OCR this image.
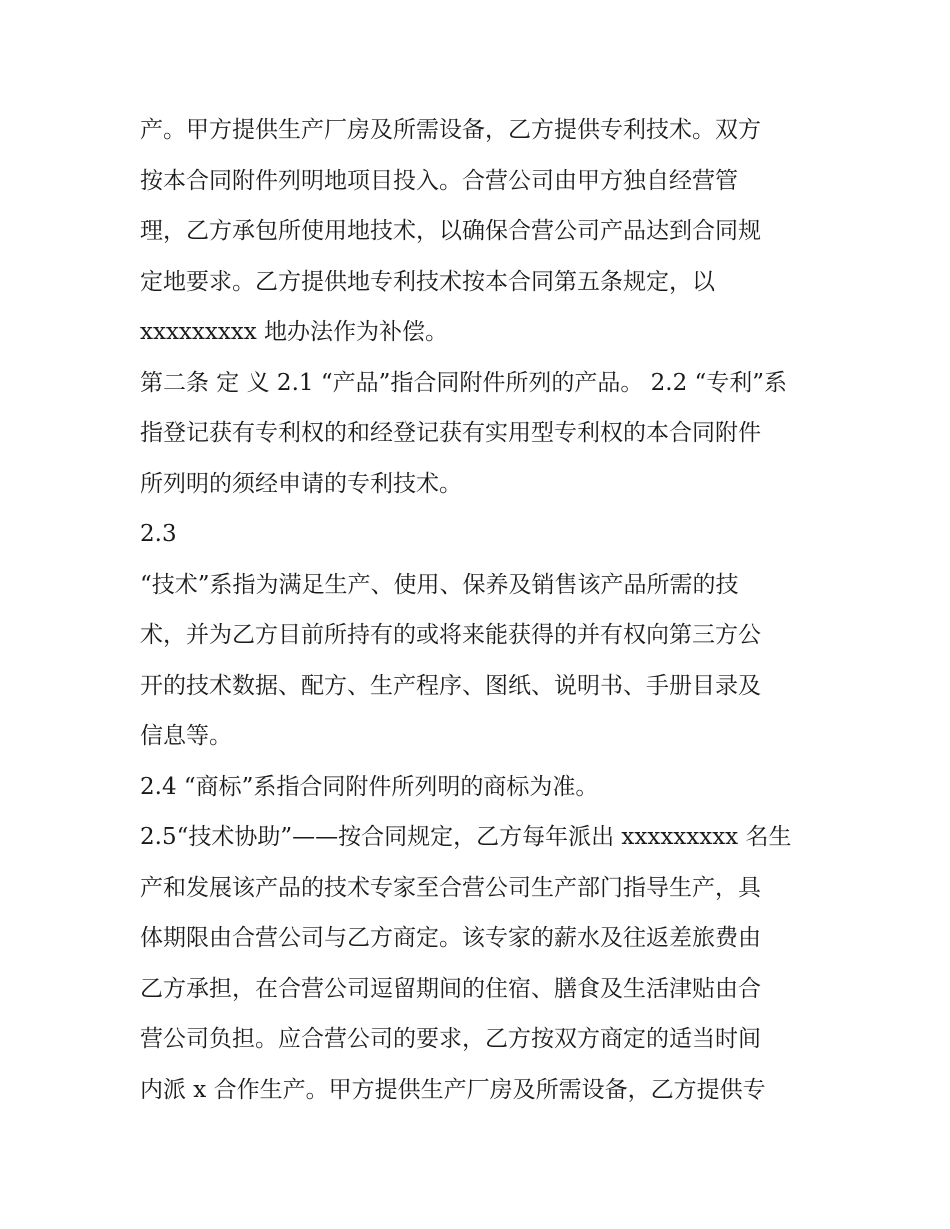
产。甲方提供生产厂房及所需设备，乙方提供专利技术。双方
按本合同附件列明地项目投入。合营公司由甲方独自经营管
理，乙方承包所使用地技术，以确保合营公司产品达到合同规
定地要求。乙方提供地专利技术按本合同第五条规定，以
xxxxxxxxx 地办法作为补偿。
第二条 定 义 2.1 “产品”指合同附件所列的产品。 2.2 “专利”系
指登记获有专利权的和经登记获有实用型专利权的本合同附件
所列明的须经申请的专利技术。
2.3
“技术”系指为满足生产、使用、保养及销售该产品所需的技
术，并为乙方目前所持有的或将来能获得的并有权向第三方公
开的技术数据、配方、生产程序、图纸、说明书、手册目录及
信息等。
2.4 “商标”系指合同附件所列明的商标为准。
2.5“技术协助”——按合同规定，乙方每年派出 xxxxxxxxx 名生
产和发展该产品的技术专家至合营公司生产部门指导生产，具
体期限由合营公司与乙方商定。该专家的薪水及往返差旅费由
乙方承担，在合营公司逗留期间的住宿、膳食及生活津贴由合
营公司负担。应合营公司的要求，乙方按双方商定的适当时间
内派 x 合作生产。甲方提供生产厂房及所需设备，乙方提供专
